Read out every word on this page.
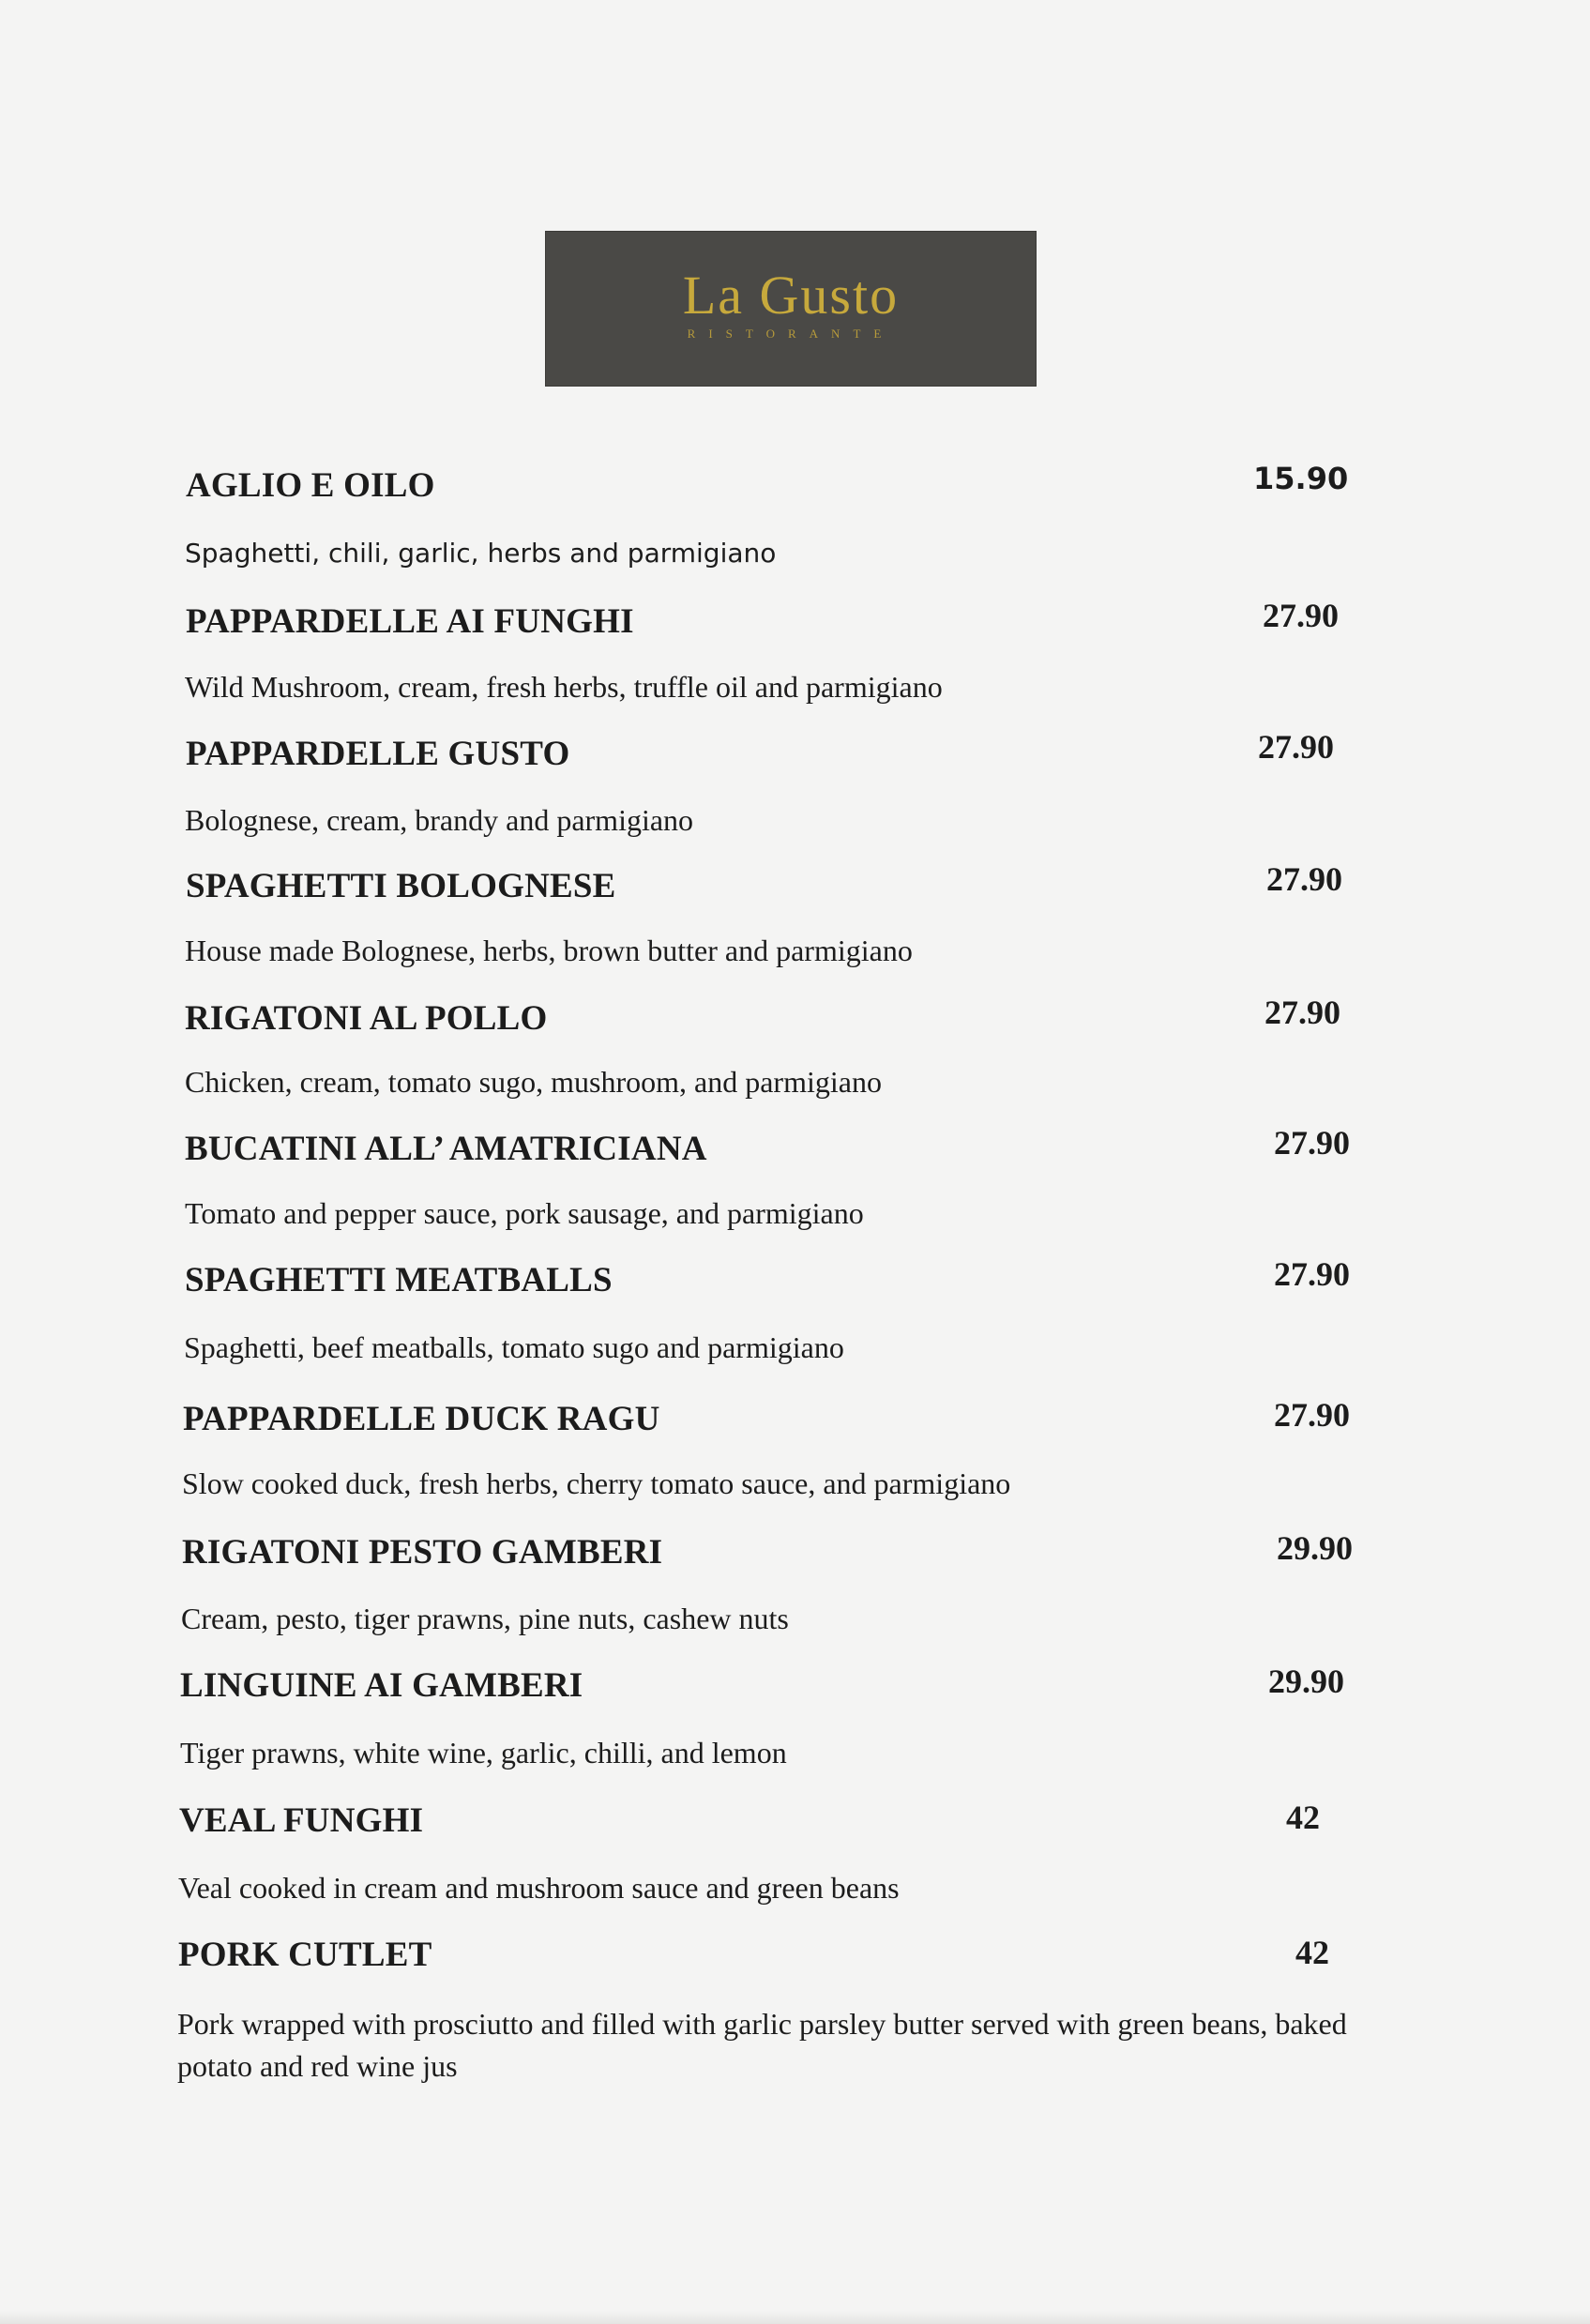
La Gusto
RISTORANTE
AGLIO E OILO	15.90
Spaghetti, chili, garlic, herbs and parmigiano
PAPPARDELLE AI FUNGHI	27.90
Wild Mushroom, cream, fresh herbs, truffle oil and parmigiano
PAPPARDELLE GUSTO	27.90
Bolognese, cream, brandy and parmigiano
SPAGHETTI BOLOGNESE	27.90
House made Bolognese, herbs, brown butter and parmigiano
RIGATONI AL POLLO	27.90
Chicken, cream, tomato sugo, mushroom, and parmigiano
BUCATINI ALL’ AMATRICIANA	27.90
Tomato and pepper sauce, pork sausage, and parmigiano
SPAGHETTI MEATBALLS	27.90
Spaghetti, beef meatballs, tomato sugo and parmigiano
PAPPARDELLE DUCK RAGU	27.90
Slow cooked duck, fresh herbs, cherry tomato sauce, and parmigiano
RIGATONI PESTO GAMBERI	29.90
Cream, pesto, tiger prawns, pine nuts, cashew nuts
LINGUINE AI GAMBERI	29.90
Tiger prawns, white wine, garlic, chilli, and lemon
VEAL FUNGHI	42
Veal cooked in cream and mushroom sauce and green beans
PORK CUTLET	42
Pork wrapped with prosciutto and filled with garlic parsley butter served with green beans, baked potato and red wine jus
